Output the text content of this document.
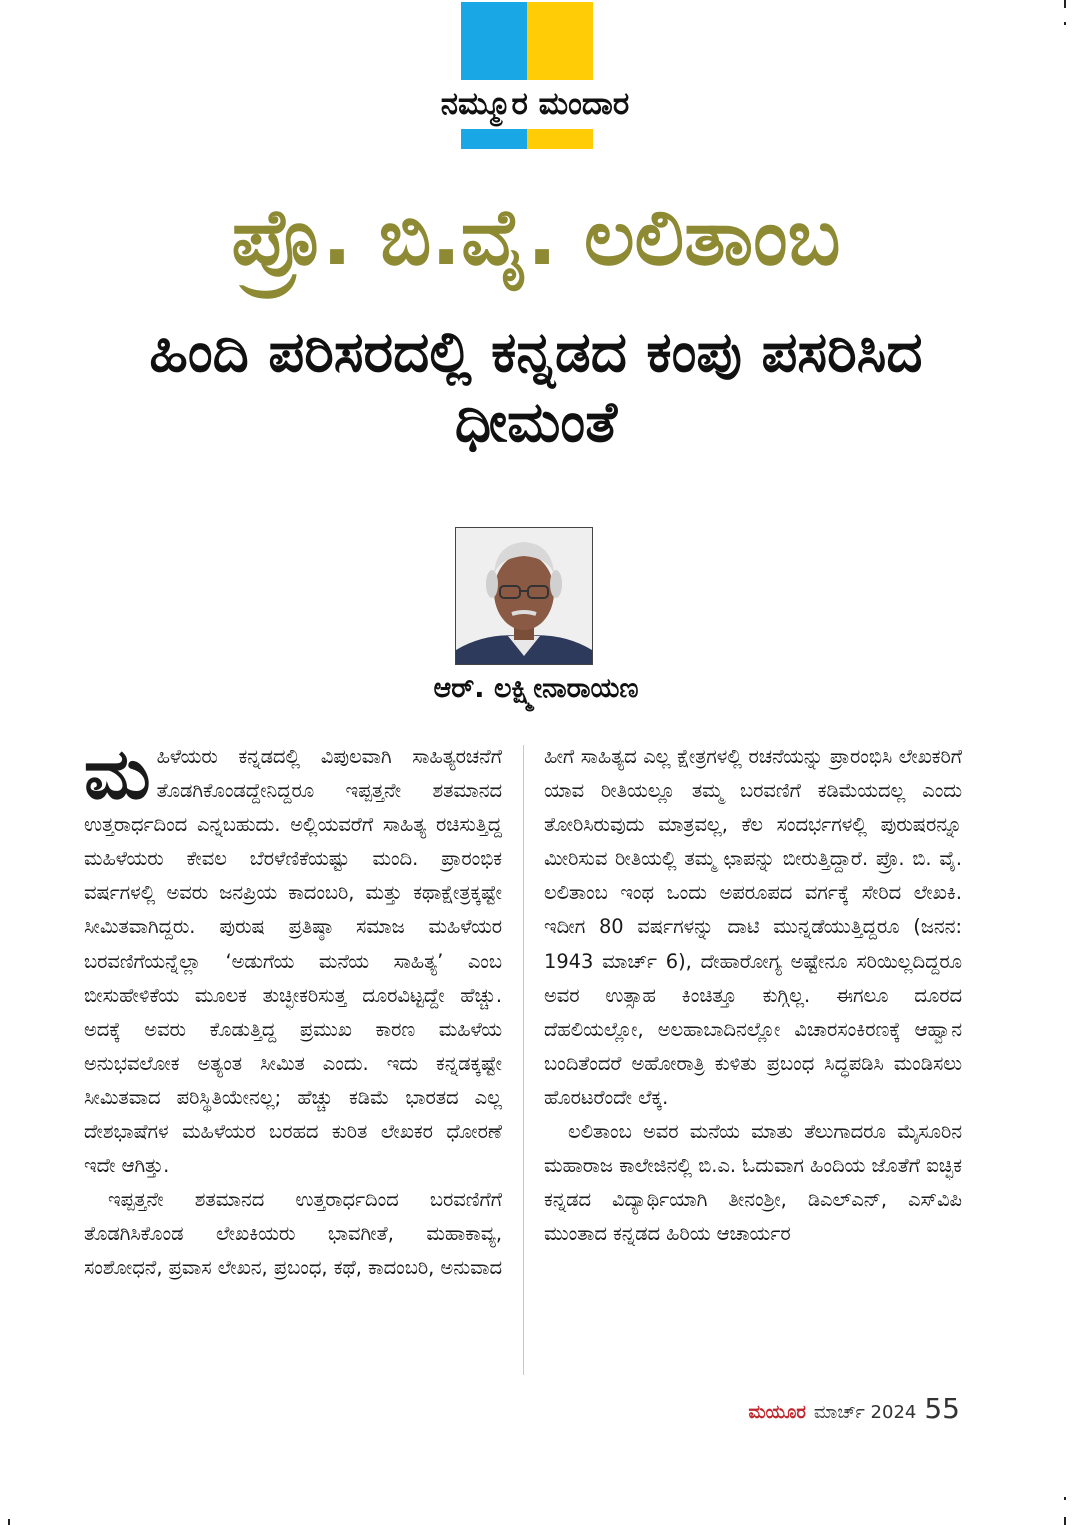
ನಮ್ಮೂರ ಮಂದಾರ
ಪ್ರೊ. ಬಿ.ವೈ. ಲಲಿತಾಂಬ
ಹಿಂದಿ ಪರಿಸರದಲ್ಲಿ ಕನ್ನಡದ ಕಂಪು ಪಸರಿಸಿದ ಧೀಮಂತೆ
ಆರ್. ಲಕ್ಷ್ಮೀನಾರಾಯಣ

ಮಹಿಳೆಯರು ಕನ್ನಡದಲ್ಲಿ ವಿಪುಲವಾಗಿ ಸಾಹಿತ್ಯರಚನೆಗೆ ತೊಡಗಿಕೊಂಡದ್ದೇನಿದ್ದರೂ ಇಪ್ಪತ್ತನೇ ಶತಮಾನದ ಉತ್ತರಾರ್ಧದಿಂದ ಎನ್ನಬಹುದು. ಅಲ್ಲಿಯವರೆಗೆ ಸಾಹಿತ್ಯ ರಚಿಸುತ್ತಿದ್ದ ಮಹಿಳೆಯರು ಕೇವಲ ಬೆರಳೆಣಿಕೆಯಷ್ಟು ಮಂದಿ. ಪ್ರಾರಂಭಿಕ ವರ್ಷಗಳಲ್ಲಿ ಅವರು ಜನಪ್ರಿಯ ಕಾದಂಬರಿ, ಮತ್ತು ಕಥಾಕ್ಷೇತ್ರಕ್ಕಷ್ಟೇ ಸೀಮಿತವಾಗಿದ್ದರು. ಪುರುಷ ಪ್ರತಿಷ್ಠಾ ಸಮಾಜ ಮಹಿಳೆಯರ ಬರವಣಿಗೆಯನ್ನೆಲ್ಲಾ ‘ಅಡುಗೆಯ ಮನೆಯ ಸಾಹಿತ್ಯ’ ಎಂಬ ಬೀಸುಹೇಳಿಕೆಯ ಮೂಲಕ ತುಚ್ಛೀಕರಿಸುತ್ತ ದೂರವಿಟ್ಟದ್ದೇ ಹೆಚ್ಚು. ಅದಕ್ಕೆ ಅವರು ಕೊಡುತ್ತಿದ್ದ ಪ್ರಮುಖ ಕಾರಣ ಮಹಿಳೆಯ ಅನುಭವಲೋಕ ಅತ್ಯಂತ ಸೀಮಿತ ಎಂದು. ಇದು ಕನ್ನಡಕ್ಕಷ್ಟೇ ಸೀಮಿತವಾದ ಪರಿಸ್ಥಿತಿಯೇನಲ್ಲ; ಹೆಚ್ಚು ಕಡಿಮೆ ಭಾರತದ ಎಲ್ಲ ದೇಶಭಾಷೆಗಳ ಮಹಿಳೆಯರ ಬರಹದ ಕುರಿತ ಲೇಖಕರ ಧೋರಣೆ ಇದೇ ಆಗಿತ್ತು.

ಇಪ್ಪತ್ತನೇ ಶತಮಾನದ ಉತ್ತರಾರ್ಧದಿಂದ ಬರವಣಿಗೆಗೆ ತೊಡಗಿಸಿಕೊಂಡ ಲೇಖಕಿಯರು ಭಾವಗೀತೆ, ಮಹಾಕಾವ್ಯ, ಸಂಶೋಧನೆ, ಪ್ರವಾಸ ಲೇಖನ, ಪ್ರಬಂಧ, ಕಥೆ, ಕಾದಂಬರಿ, ಅನುವಾದ

ಹೀಗೆ ಸಾಹಿತ್ಯದ ಎಲ್ಲ ಕ್ಷೇತ್ರಗಳಲ್ಲಿ ರಚನೆಯನ್ನು ಪ್ರಾರಂಭಿಸಿ ಲೇಖಕರಿಗೆ ಯಾವ ರೀತಿಯಲ್ಲೂ ತಮ್ಮ ಬರವಣಿಗೆ ಕಡಿಮೆಯದಲ್ಲ ಎಂದು ತೋರಿಸಿರುವುದು ಮಾತ್ರವಲ್ಲ, ಕೆಲ ಸಂದರ್ಭಗಳಲ್ಲಿ ಪುರುಷರನ್ನೂ ಮೀರಿಸುವ ರೀತಿಯಲ್ಲಿ ತಮ್ಮ ಛಾಪನ್ನು ಬೀರುತ್ತಿದ್ದಾರೆ. ಪ್ರೊ. ಬಿ. ವೈ. ಲಲಿತಾಂಬ ಇಂಥ ಒಂದು ಅಪರೂಪದ ವರ್ಗಕ್ಕೆ ಸೇರಿದ ಲೇಖಕಿ. ಇದೀಗ 80 ವರ್ಷಗಳನ್ನು ದಾಟಿ ಮುನ್ನಡೆಯುತ್ತಿದ್ದರೂ (ಜನನ: 1943 ಮಾರ್ಚ್ 6), ದೇಹಾರೋಗ್ಯ ಅಷ್ಟೇನೂ ಸರಿಯಿಲ್ಲದಿದ್ದರೂ ಅವರ ಉತ್ಸಾಹ ಕಿಂಚಿತ್ತೂ ಕುಗ್ಗಿಲ್ಲ. ಈಗಲೂ ದೂರದ ದೆಹಲಿಯಲ್ಲೋ, ಅಲಹಾಬಾದಿನಲ್ಲೋ ವಿಚಾರಸಂಕಿರಣಕ್ಕೆ ಆಹ್ವಾನ ಬಂದಿತೆಂದರೆ ಅಹೋರಾತ್ರಿ ಕುಳಿತು ಪ್ರಬಂಧ ಸಿದ್ಧಪಡಿಸಿ ಮಂಡಿಸಲು ಹೊರಟರೆಂದೇ ಲೆಕ್ಕ.

ಲಲಿತಾಂಬ ಅವರ ಮನೆಯ ಮಾತು ತೆಲುಗಾದರೂ ಮೈಸೂರಿನ ಮಹಾರಾಜ ಕಾಲೇಜಿನಲ್ಲಿ ಬಿ.ಎ. ಓದುವಾಗ ಹಿಂದಿಯ ಜೊತೆಗೆ ಐಚ್ಛಿಕ ಕನ್ನಡದ ವಿದ್ಯಾರ್ಥಿಯಾಗಿ ತೀನಂಶ್ರೀ, ಡಿಎಲ್ಎನ್, ಎಸ್‌ವಿಪಿ ಮುಂತಾದ ಕನ್ನಡದ ಹಿರಿಯ ಆಚಾರ್ಯರ

ಮಯೂರ ಮಾರ್ಚ್ 2024 55
